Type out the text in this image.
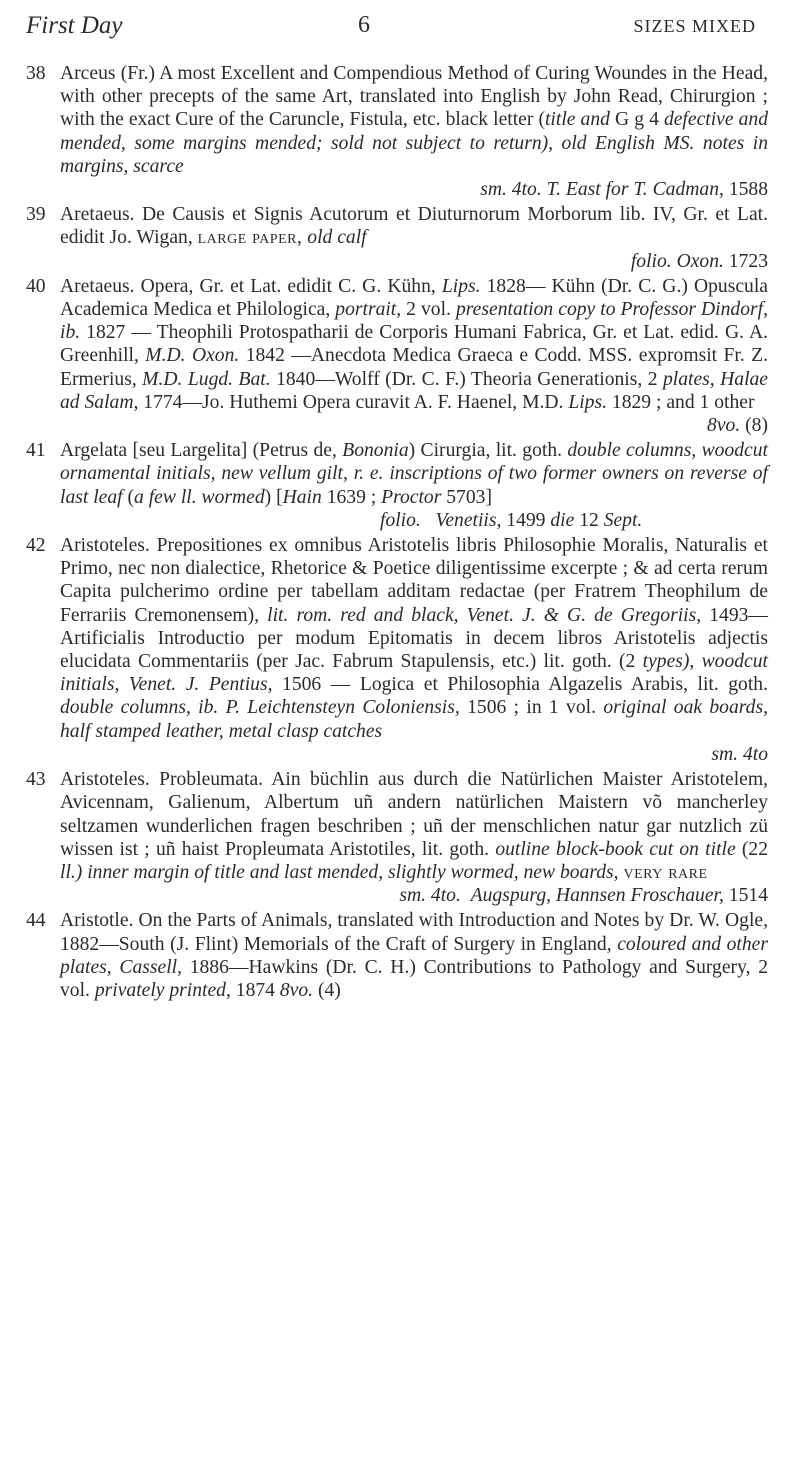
First Day	6	SIZES MIXED
38 Arceus (Fr.) A most Excellent and Compendious Method of Curing Woundes in the Head, with other precepts of the same Art, translated into English by John Read, Chirurgion ; with the exact Cure of the Caruncle, Fistula, etc. black letter (title and G g 4 defective and mended, some margins mended; sold not subject to return), old English MS. notes in margins, scarce
sm. 4to. T. East for T. Cadman, 1588
39 Aretaeus. De Causis et Signis Acutorum et Diuturnorum Morborum lib. IV, Gr. et Lat. edidit Jo. Wigan, large paper, old calf
folio. Oxon. 1723
40 Aretaeus. Opera, Gr. et Lat. edidit C. G. Kühn, Lips. 1828— Kühn (Dr. C. G.) Opuscula Academica Medica et Philologica, portrait, 2 vol. presentation copy to Professor Dindorf, ib. 1827 — Theophili Protospatharii de Corporis Humani Fabrica, Gr. et Lat. edid. G. A. Greenhill, M.D. Oxon. 1842 —Anecdota Medica Graeca e Codd. MSS. expromsit Fr. Z. Ermerius, M.D. Lugd. Bat. 1840—Wolff (Dr. C. F.) Theoria Generationis, 2 plates, Halae ad Salam, 1774—Jo. Huthemi Opera curavit A. F. Haenel, M.D. Lips. 1829 ; and 1 other
8vo. (8)
41 Argelata [seu Largelita] (Petrus de, Bononia) Cirurgia, lit. goth. double columns, woodcut ornamental initials, new vellum gilt, r. e. inscriptions of two former owners on reverse of last leaf (a few ll. wormed) [Hain 1639 ; Proctor 5703]
folio. Venetiis, 1499 die 12 Sept.
42 Aristoteles. Prepositiones ex omnibus Aristotelis libris Philosophie Moralis, Naturalis et Primo, nec non dialectice, Rhetorice & Poetice diligentissime excerpte ; & ad certa rerum Capita pulcherimo ordine per tabellam additam redactae (per Fratrem Theophilum de Ferrariis Cremonensem), lit. rom. red and black, Venet. J. & G. de Gregoriis, 1493— Artificialis Introductio per modum Epitomatis in decem libros Aristotelis adjectis elucidata Commentariis (per Jac. Fabrum Stapulensis, etc.) lit. goth. (2 types), woodcut initials, Venet. J. Pentius, 1506 — Logica et Philosophia Algazelis Arabis, lit. goth. double columns, ib. P. Leichtensteyn Coloniensis, 1506 ; in 1 vol. original oak boards, half stamped leather, metal clasp catches
sm. 4to
43 Aristoteles. Probleumata. Ain büchlin aus durch die Natürlichen Maister Aristotelem, Avicennam, Galienum, Albertum uñ andern natürlichen Maistern võ mancherley seltzamen wunderlichen fragen beschriben ; uñ der menschlichen natur gar nutzlich zü wissen ist ; uñ haist Propleumata Aristotiles, lit. goth. outline block-book cut on title (22 ll.) inner margin of title and last mended, slightly wormed, new boards, very rare
sm. 4to. Augspurg, Hannsen Froschauer, 1514
44 Aristotle. On the Parts of Animals, translated with Introduction and Notes by Dr. W. Ogle, 1882—South (J. Flint) Memorials of the Craft of Surgery in England, coloured and other plates, Cassell, 1886—Hawkins (Dr. C. H.) Contributions to Pathology and Surgery, 2 vol. privately printed, 1874 8vo. (4)
